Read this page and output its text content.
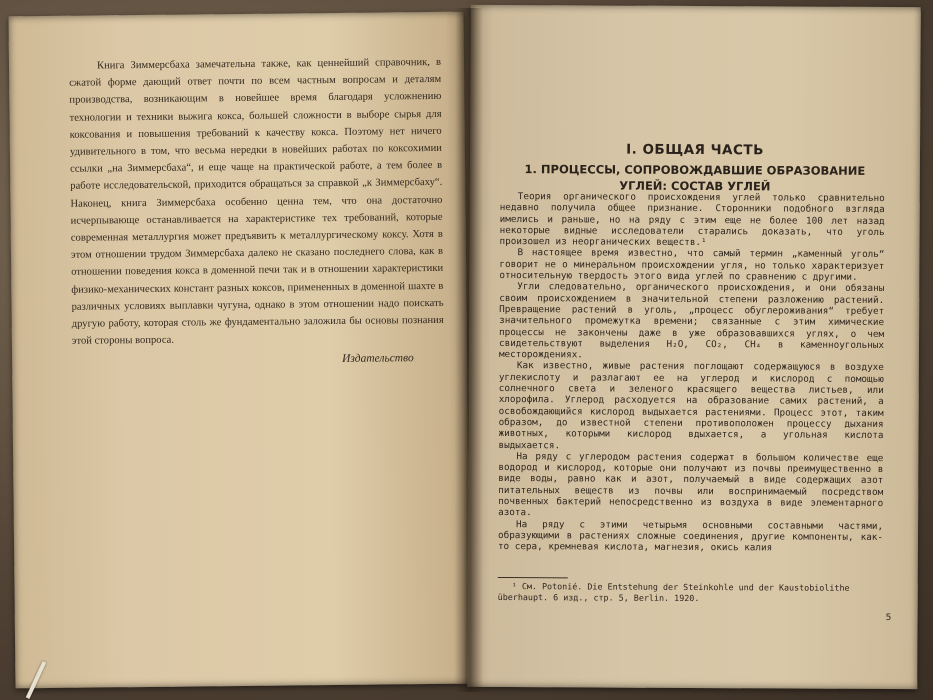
Книга Зиммерсбаха замечательна также, как ценнейший справочник, в сжатой форме дающий ответ почти по всем частным вопросам и деталям производства, возникающим в новейшее время благодаря усложнению технологии и техники выжига кокса, большей сложности в выборе сырья для коксования и повышения требований к качеству кокса. Поэтому нет ничего удивительного в том, что весьма нередки в новейших работах по коксохимии ссылки „на Зиммерсбаха“, и еще чаще на практической работе, а тем более в работе исследовательской, приходится обращаться за справкой „к Зиммерсбаху“. Наконец, книга Зиммерсбаха особенно ценна тем, что она достаточно исчерпывающе останавливается на характеристике тех требований, которые современная металлургия может предъявить к металлургическому коксу. Хотя в этом отношении трудом Зиммерсбаха далеко не сказано последнего слова, как в отношении поведения кокса в доменной печи так и в отношении характеристики физико-механических констант разных коксов, примененных в доменной шахте в различных условиях выплавки чугуна, однако в этом отношении надо поискать другую работу, которая столь же фундаментально заложила бы основы познания этой стороны вопроса.
Издательство
I. ОБЩАЯ ЧАСТЬ
1. ПРОЦЕССЫ, СОПРОВОЖДАВШИЕ ОБРАЗОВАНИЕ УГЛЕЙ: СОСТАВ УГЛЕЙ

Теория органического происхождения углей только сравнительно недавно получила общее признание. Сторонники подобного взгляда имелись и раньше, но на ряду с этим еще не более 100 лет назад некоторые видные исследователи старались доказать, что уголь произошел из неорганических веществ.¹

В настоящее время известно, что самый термин „каменный уголь“ говорит не о минеральном происхождении угля, но только характеризует относительную твердость этого вида углей по сравнению с другими.

Угли следовательно, органического происхождения, и они обязаны своим происхождением в значительной степени разложению растений. Превращение растений в уголь, „процесс обуглероживания“ требует значительного промежутка времени; связанные с этим химические процессы не закончены даже в уже образовавшихся углях, о чем свидетельствуют выделения H₂O, CO₂, CH₄ в каменноугольных месторождениях.

Как известно, живые растения поглощают содержащуюся в воздухе углекислоту и разлагают ее на углерод и кислород с помощью солнечного света и зеленого красящего вещества листьев, или хлорофила. Углерод расходуется на образование самих растений, а освобождающийся кислород выдыхается растениями. Процесс этот, таким образом, до известной степени противоположен процессу дыхания животных, которыми кислород вдыхается, а угольная кислота выдыхается.

На ряду с углеродом растения содержат в большом количестве еще водород и кислород, которые они получают из почвы преимущественно в виде воды, равно как и азот, получаемый в виде содержащих азот питательных веществ из почвы или воспринимаемый посредством почвенных бактерий непосредственно из воздуха в виде элементарного азота.

На ряду с этими четырьмя основными составными частями, образующими в растениях сложные соединения, другие компоненты, как-то сера, кремневая кислота, магнезия, окись калия

¹ См. Potonié. Die Entstehung der Steinkohle und der Kaustobiolithe überhaupt. 6 изд., стр. 5, Berlin. 1920.
5
